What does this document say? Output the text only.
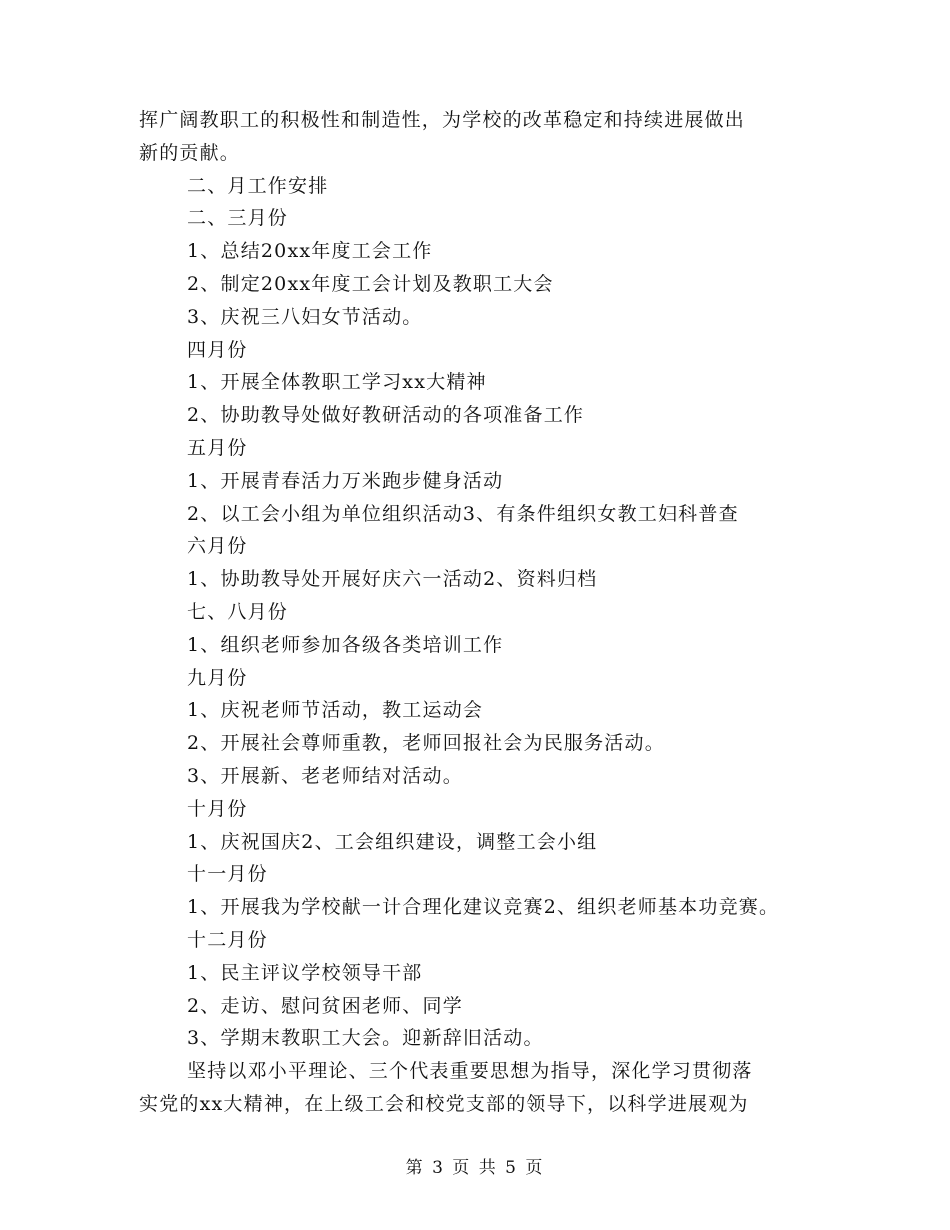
挥广阔教职工的积极性和制造性，为学校的改革稳定和持续进展做出
新的贡献。
二、月工作安排
二、三月份
1、总结20xx年度工会工作
2、制定20xx年度工会计划及教职工大会
3、庆祝三八妇女节活动。
四月份
1、开展全体教职工学习xx大精神
2、协助教导处做好教研活动的各项准备工作
五月份
1、开展青春活力万米跑步健身活动
2、以工会小组为单位组织活动3、有条件组织女教工妇科普查
六月份
1、协助教导处开展好庆六一活动2、资料归档
七、八月份
1、组织老师参加各级各类培训工作
九月份
1、庆祝老师节活动，教工运动会
2、开展社会尊师重教，老师回报社会为民服务活动。
3、开展新、老老师结对活动。
十月份
1、庆祝国庆2、工会组织建设，调整工会小组
十一月份
1、开展我为学校献一计合理化建议竞赛2、组织老师基本功竞赛。
十二月份
1、民主评议学校领导干部
2、走访、慰问贫困老师、同学
3、学期末教职工大会。迎新辞旧活动。
坚持以邓小平理论、三个代表重要思想为指导，深化学习贯彻落
实党的xx大精神，在上级工会和校党支部的领导下，以科学进展观为
第 3 页 共 5 页
